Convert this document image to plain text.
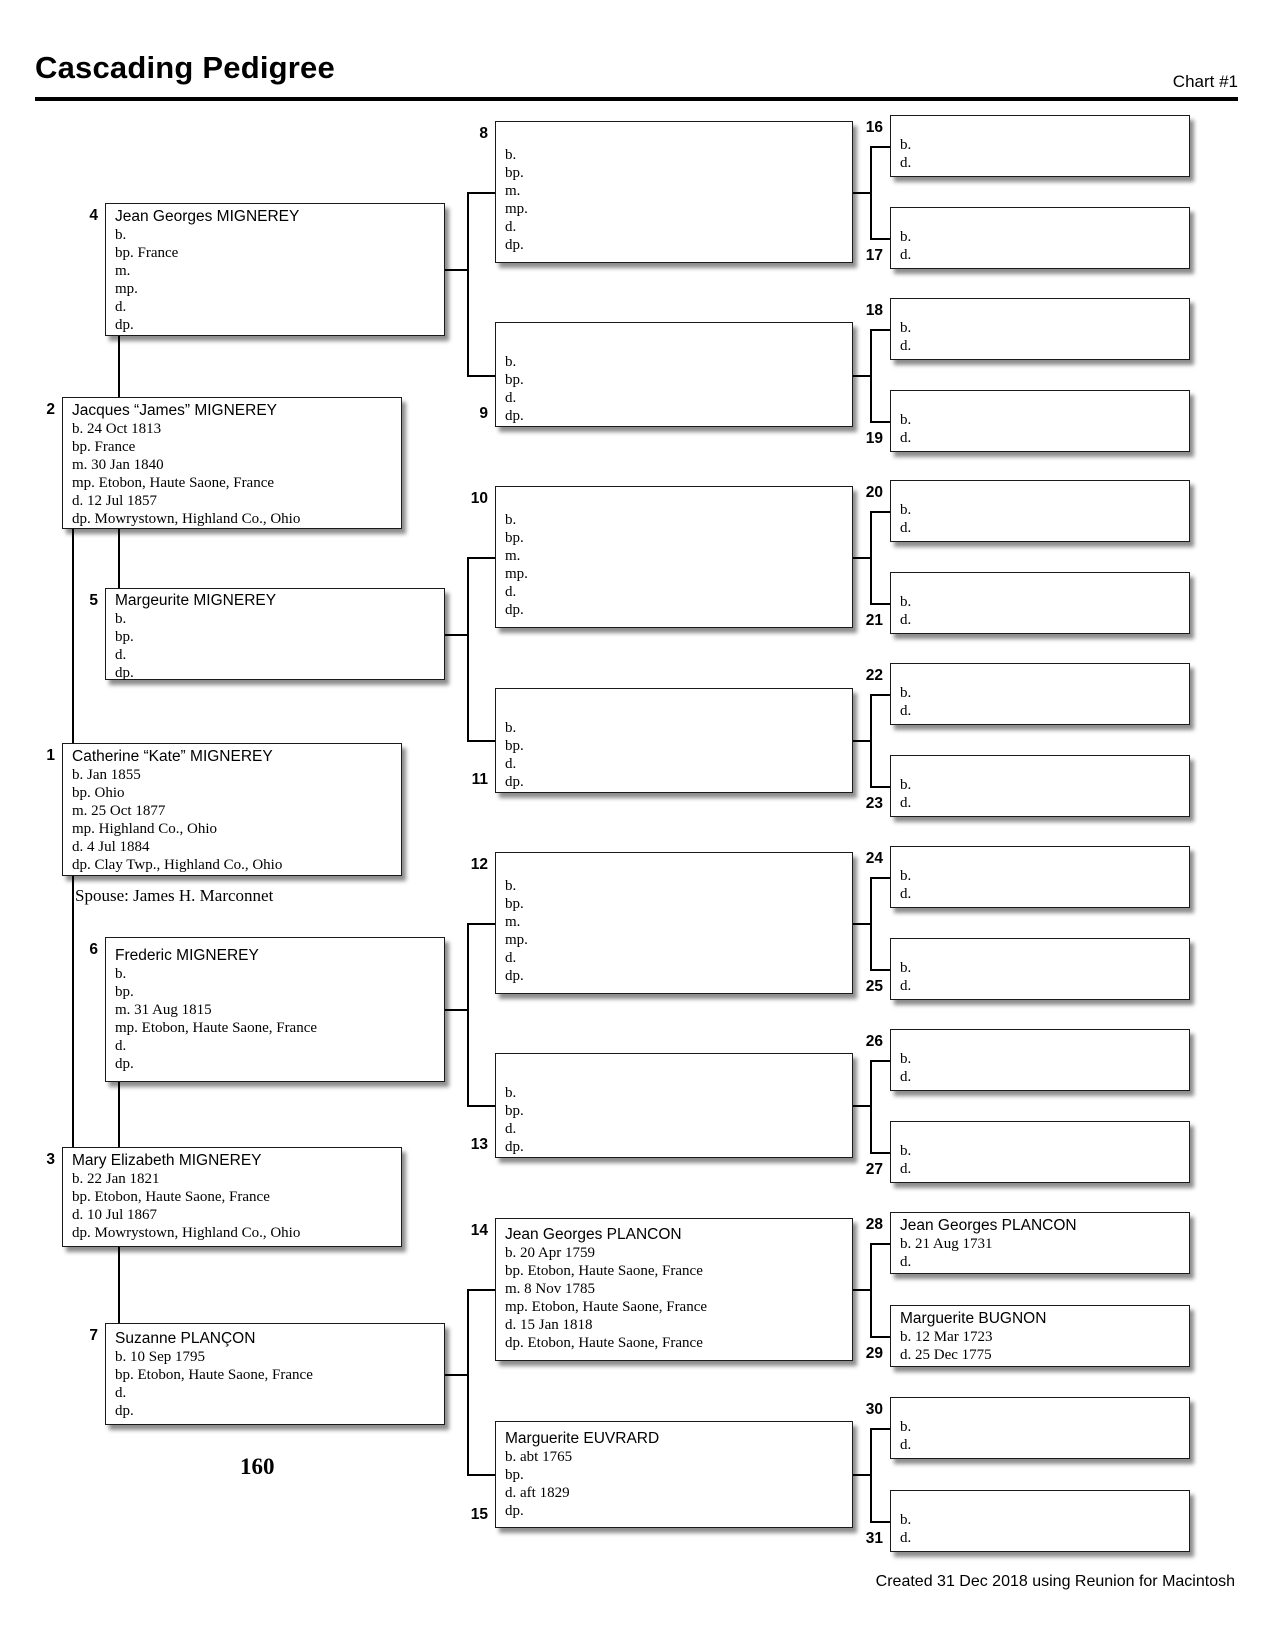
Cascading Pedigree	Chart #1
4 Jean Georges MIGNEREY
b.
bp. France
m.
mp.
d.
dp.
2 Jacques “James” MIGNEREY
b. 24 Oct 1813
bp. France
m. 30 Jan 1840
mp. Etobon, Haute Saone, France
d. 12 Jul 1857
dp. Mowrystown, Highland Co., Ohio
5 Margeurite MIGNEREY
b.
bp.
d.
dp.
1 Catherine “Kate” MIGNEREY
b. Jan 1855
bp. Ohio
m. 25 Oct 1877
mp. Highland Co., Ohio
d. 4 Jul 1884
dp. Clay Twp., Highland Co., Ohio
Spouse: James H. Marconnet
6 Frederic MIGNEREY
b.
bp.
m. 31 Aug 1815
mp. Etobon, Haute Saone, France
d.
dp.
3 Mary Elizabeth MIGNEREY
b. 22 Jan 1821
bp. Etobon, Haute Saone, France
d. 10 Jul 1867
dp. Mowrystown, Highland Co., Ohio
7 Suzanne PLANÇON
b. 10 Sep 1795
bp. Etobon, Haute Saone, France
d.
dp.
160
8
b.
bp.
m.
mp.
d.
dp.
9
b.
bp.
d.
dp.
10
b.
bp.
m.
mp.
d.
dp.
11
b.
bp.
d.
dp.
12
b.
bp.
m.
mp.
d.
dp.
13
b.
bp.
d.
dp.
14 Jean Georges PLANCON
b. 20 Apr 1759
bp. Etobon, Haute Saone, France
m. 8 Nov 1785
mp. Etobon, Haute Saone, France
d. 15 Jan 1818
dp. Etobon, Haute Saone, France
15
Marguerite EUVRARD
b. abt 1765
bp.
d. aft 1829
dp.
16
b.
d.
17
b.
d.
18
b.
d.
19
b.
d.
20
b.
d.
21
b.
d.
22
b.
d.
23
b.
d.
24
b.
d.
25
b.
d.
26
b.
d.
27
b.
d.
28 Jean Georges PLANCON
b. 21 Aug 1731
d.
29
Marguerite BUGNON
b. 12 Mar 1723
d. 25 Dec 1775
30
b.
d.
31
b.
d.
Created 31 Dec 2018 using Reunion for Macintosh
